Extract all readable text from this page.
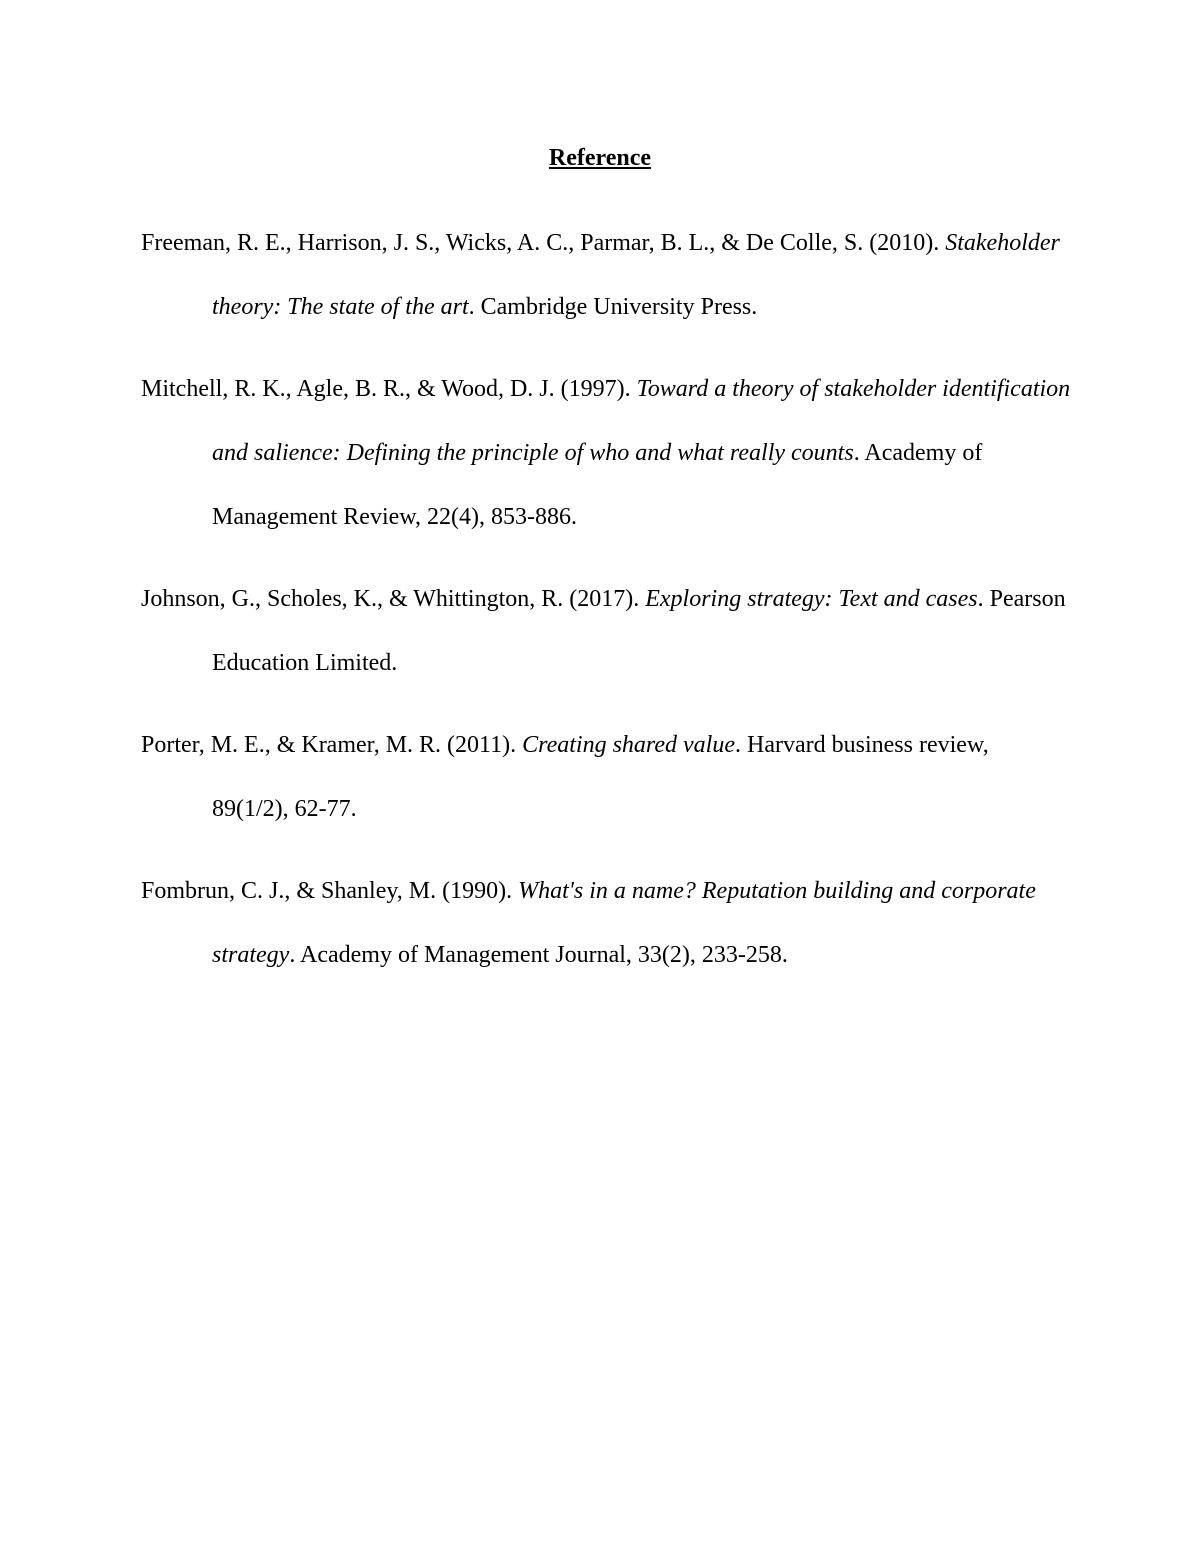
Reference

Freeman, R. E., Harrison, J. S., Wicks, A. C., Parmar, B. L., & De Colle, S. (2010). Stakeholder theory: The state of the art. Cambridge University Press.

Mitchell, R. K., Agle, B. R., & Wood, D. J. (1997). Toward a theory of stakeholder identification and salience: Defining the principle of who and what really counts. Academy of Management Review, 22(4), 853-886.

Johnson, G., Scholes, K., & Whittington, R. (2017). Exploring strategy: Text and cases. Pearson Education Limited.

Porter, M. E., & Kramer, M. R. (2011). Creating shared value. Harvard business review, 89(1/2), 62-77.

Fombrun, C. J., & Shanley, M. (1990). What's in a name? Reputation building and corporate strategy. Academy of Management Journal, 33(2), 233-258.
